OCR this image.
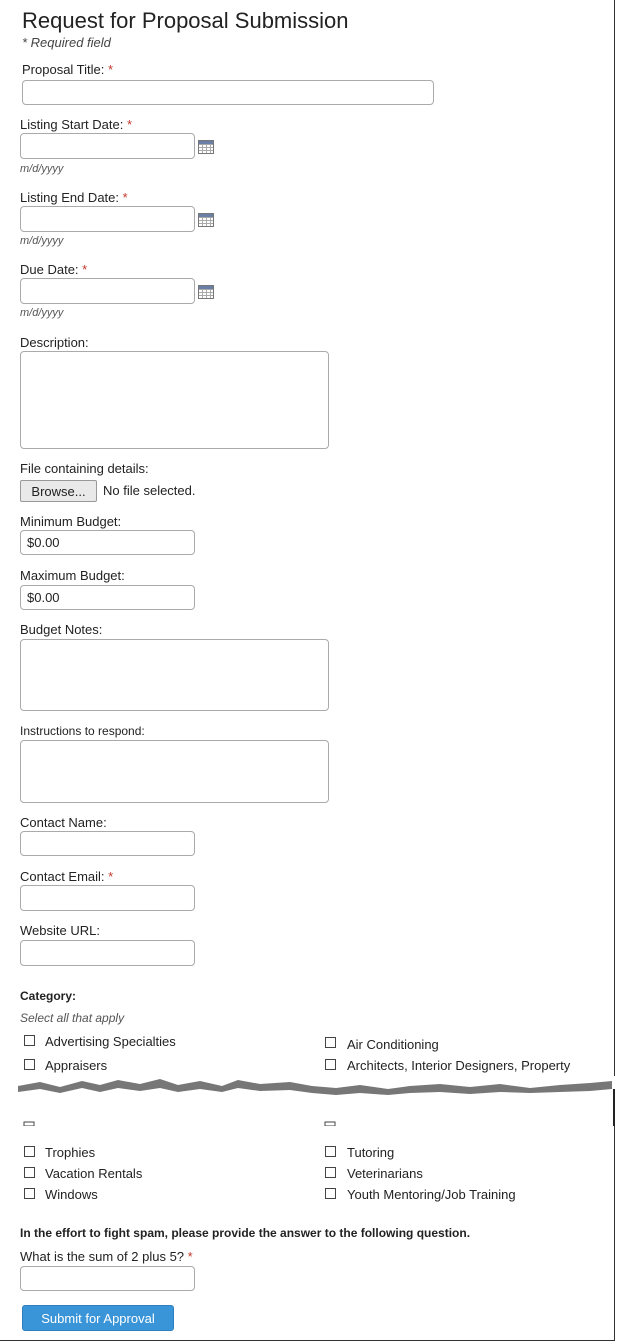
Request for Proposal Submission
* Required field
Proposal Title: *
Listing Start Date: *
m/d/yyyy
Listing End Date: *
m/d/yyyy
Due Date: *
m/d/yyyy
Description:
File containing details:
Browse...	No file selected.
Minimum Budget:
$0.00
Maximum Budget:
$0.00
Budget Notes:
Instructions to respond:
Contact Name:
Contact Email: *
Website URL:
Category:
Select all that apply
Advertising Specialties
Appraisers
Air Conditioning
Architects, Interior Designers, Property
Trophies
Vacation Rentals
Windows
Tutoring
Veterinarians
Youth Mentoring/Job Training
In the effort to fight spam, please provide the answer to the following question.
What is the sum of 2 plus 5? *
Submit for Approval
